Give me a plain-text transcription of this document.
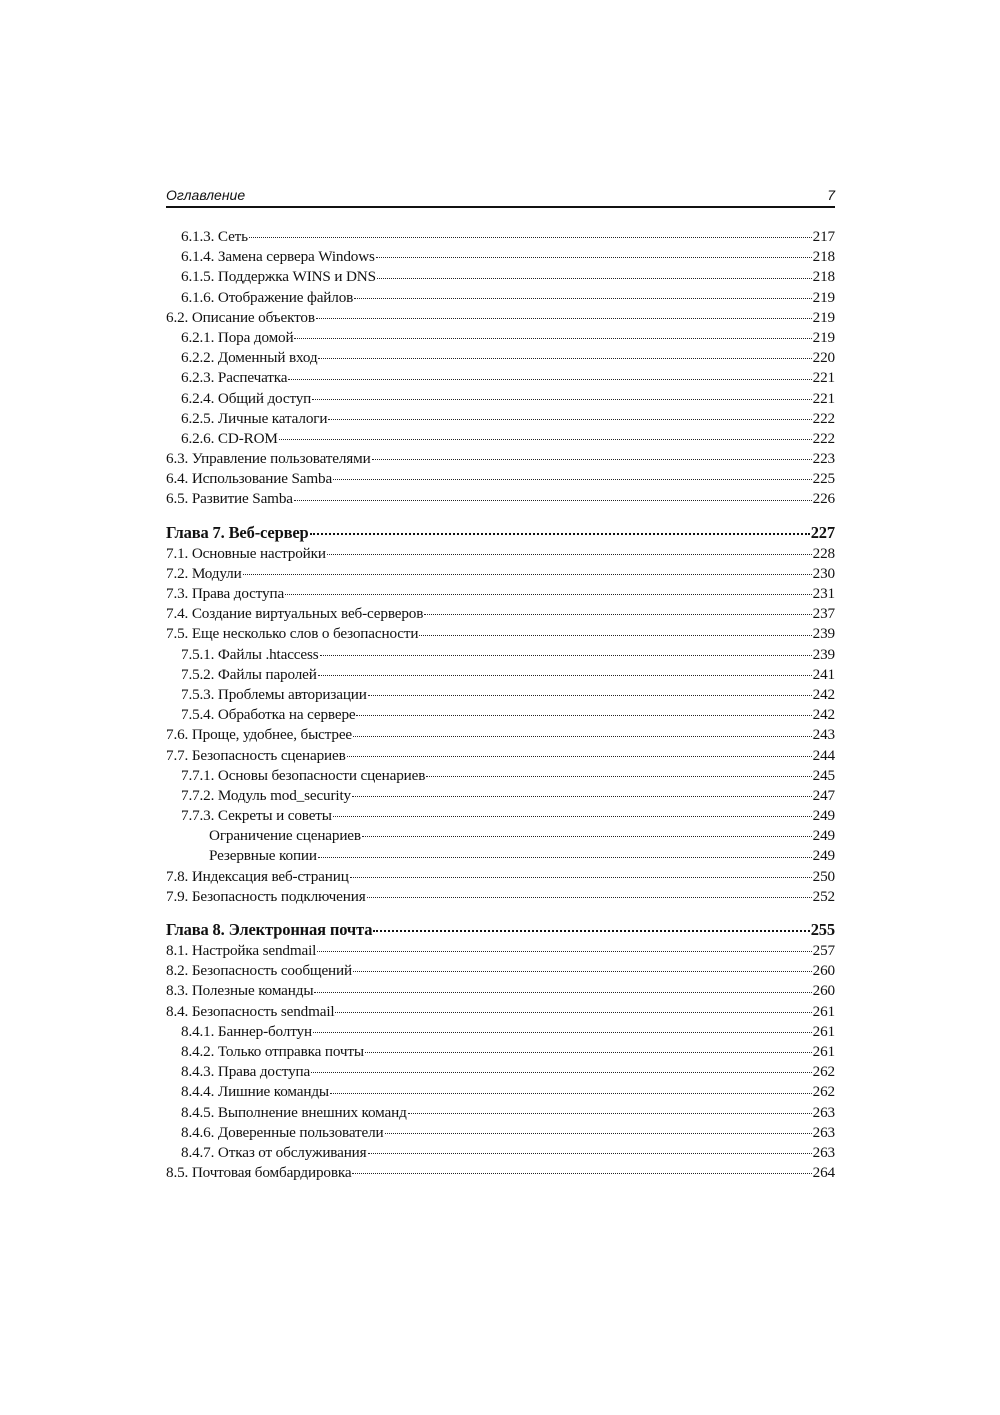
Оглавление	7
6.1.3. Сеть	217
6.1.4. Замена сервера Windows	218
6.1.5. Поддержка WINS и DNS	218
6.1.6. Отображение файлов	219
6.2. Описание объектов	219
6.2.1. Пора домой	219
6.2.2. Доменный вход	220
6.2.3. Распечатка	221
6.2.4. Общий доступ	221
6.2.5. Личные каталоги	222
6.2.6. CD-ROM	222
6.3. Управление пользователями	223
6.4. Использование Samba	225
6.5. Развитие Samba	226
Глава 7. Веб-сервер	227
7.1. Основные настройки	228
7.2. Модули	230
7.3. Права доступа	231
7.4. Создание виртуальных веб-серверов	237
7.5. Еще несколько слов о безопасности	239
7.5.1. Файлы .htaccess	239
7.5.2. Файлы паролей	241
7.5.3. Проблемы авторизации	242
7.5.4. Обработка на сервере	242
7.6. Проще, удобнее, быстрее	243
7.7. Безопасность сценариев	244
7.7.1. Основы безопасности сценариев	245
7.7.2. Модуль mod_security	247
7.7.3. Секреты и советы	249
Ограничение сценариев	249
Резервные копии	249
7.8. Индексация веб-страниц	250
7.9. Безопасность подключения	252
Глава 8. Электронная почта	255
8.1. Настройка sendmail	257
8.2. Безопасность сообщений	260
8.3. Полезные команды	260
8.4. Безопасность sendmail	261
8.4.1. Баннер-болтун	261
8.4.2. Только отправка почты	261
8.4.3. Права доступа	262
8.4.4. Лишние команды	262
8.4.5. Выполнение внешних команд	263
8.4.6. Доверенные пользователи	263
8.4.7. Отказ от обслуживания	263
8.5. Почтовая бомбардировка	264
